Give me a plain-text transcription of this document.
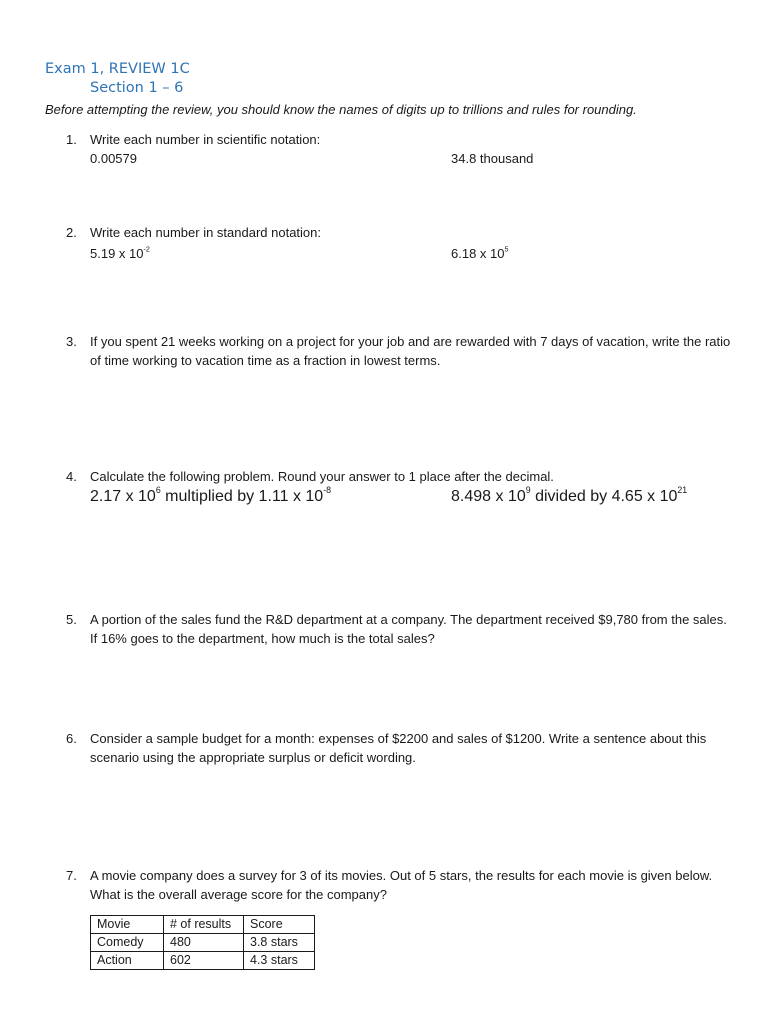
Exam 1, REVIEW 1C
Section 1 – 6
Before attempting the review, you should know the names of digits up to trillions and rules for rounding.
1. Write each number in scientific notation:
0.00579	34.8 thousand
2. Write each number in standard notation:
5.19 x $10^{-2}$	6.18 x $10^5$
3. If you spent 21 weeks working on a project for your job and are rewarded with 7 days of vacation, write the ratio
of time working to vacation time as a fraction in lowest terms.
4. Calculate the following problem. Round your answer to 1 place after the decimal.
2.17 x $10^6$ multiplied by 1.11 x $10^{-8}$	8.498 x $10^9$ divided by 4.65 x $10^{21}$
5. A portion of the sales fund the R&D department at a company. The department received $9,780 from the sales.
If 16% goes to the department, how much is the total sales?
6. Consider a sample budget for a month: expenses of $2200 and sales of $1200. Write a sentence about this
scenario using the appropriate surplus or deficit wording.
7. A movie company does a survey for 3 of its movies. Out of 5 stars, the results for each movie is given below.
What is the overall average score for the company?
Movie	# of results	Score
Comedy	480	3.8 stars
Action	602	4.3 stars
